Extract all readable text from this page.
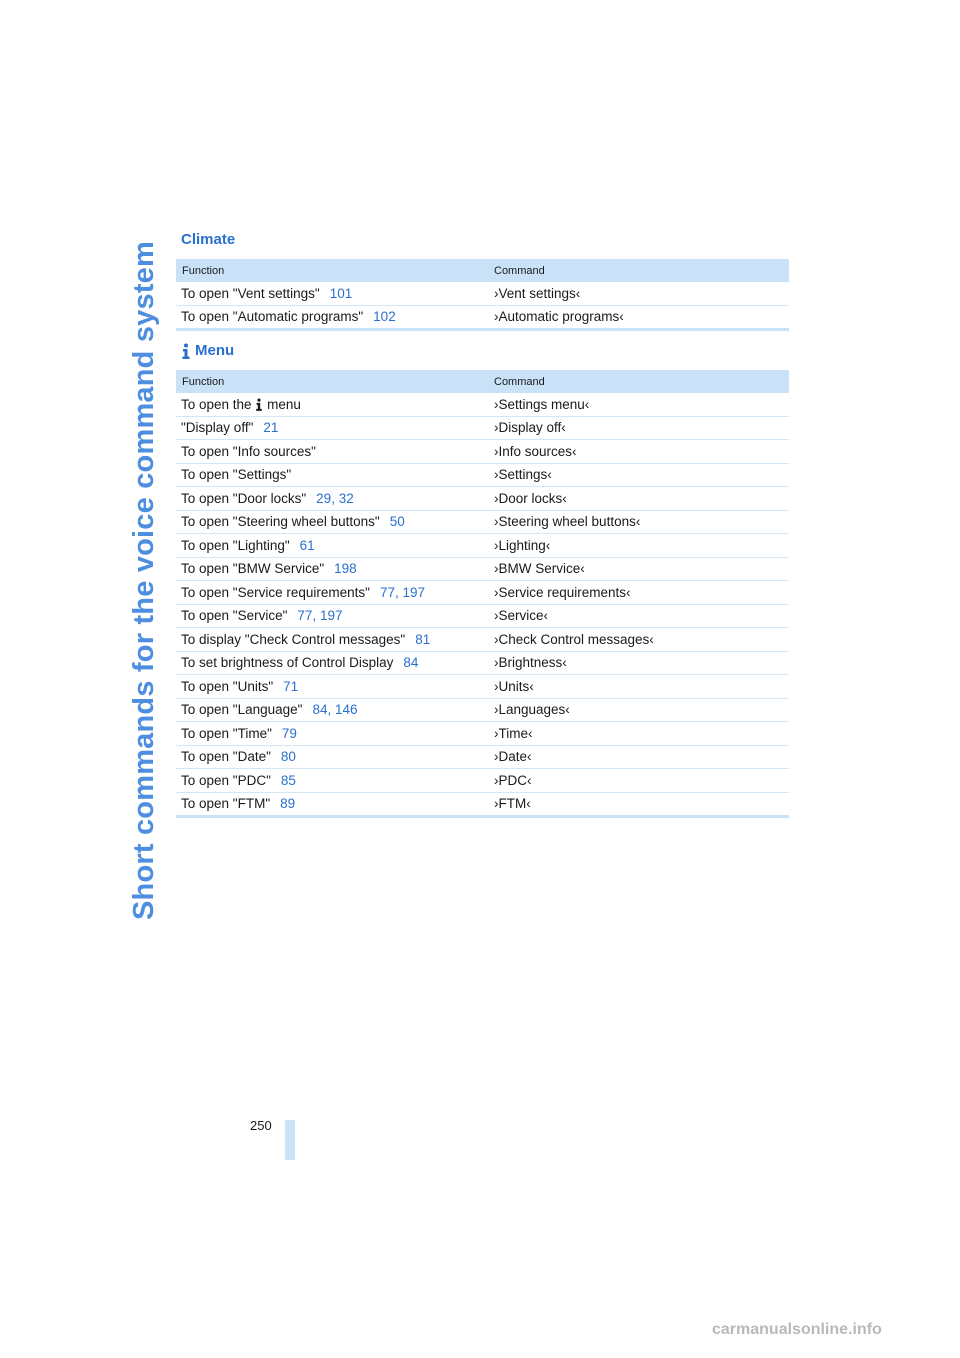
Short commands for the voice command system
Climate
Function	Command
To open "Vent settings" 101	›Vent settings‹
To open "Automatic programs" 102	›Automatic programs‹
Menu
Function	Command
To open the menu	›Settings menu‹
"Display off" 21	›Display off‹
To open "Info sources"	›Info sources‹
To open "Settings"	›Settings‹
To open "Door locks" 29, 32	›Door locks‹
To open "Steering wheel buttons" 50	›Steering wheel buttons‹
To open "Lighting" 61	›Lighting‹
To open "BMW Service" 198	›BMW Service‹
To open "Service requirements" 77, 197	›Service requirements‹
To open "Service" 77, 197	›Service‹
To display "Check Control messages" 81	›Check Control messages‹
To set brightness of Control Display 84	›Brightness‹
To open "Units" 71	›Units‹
To open "Language" 84, 146	›Languages‹
To open "Time" 79	›Time‹
To open "Date" 80	›Date‹
To open "PDC" 85	›PDC‹
To open "FTM" 89	›FTM‹
250
carmanualsonline.info
